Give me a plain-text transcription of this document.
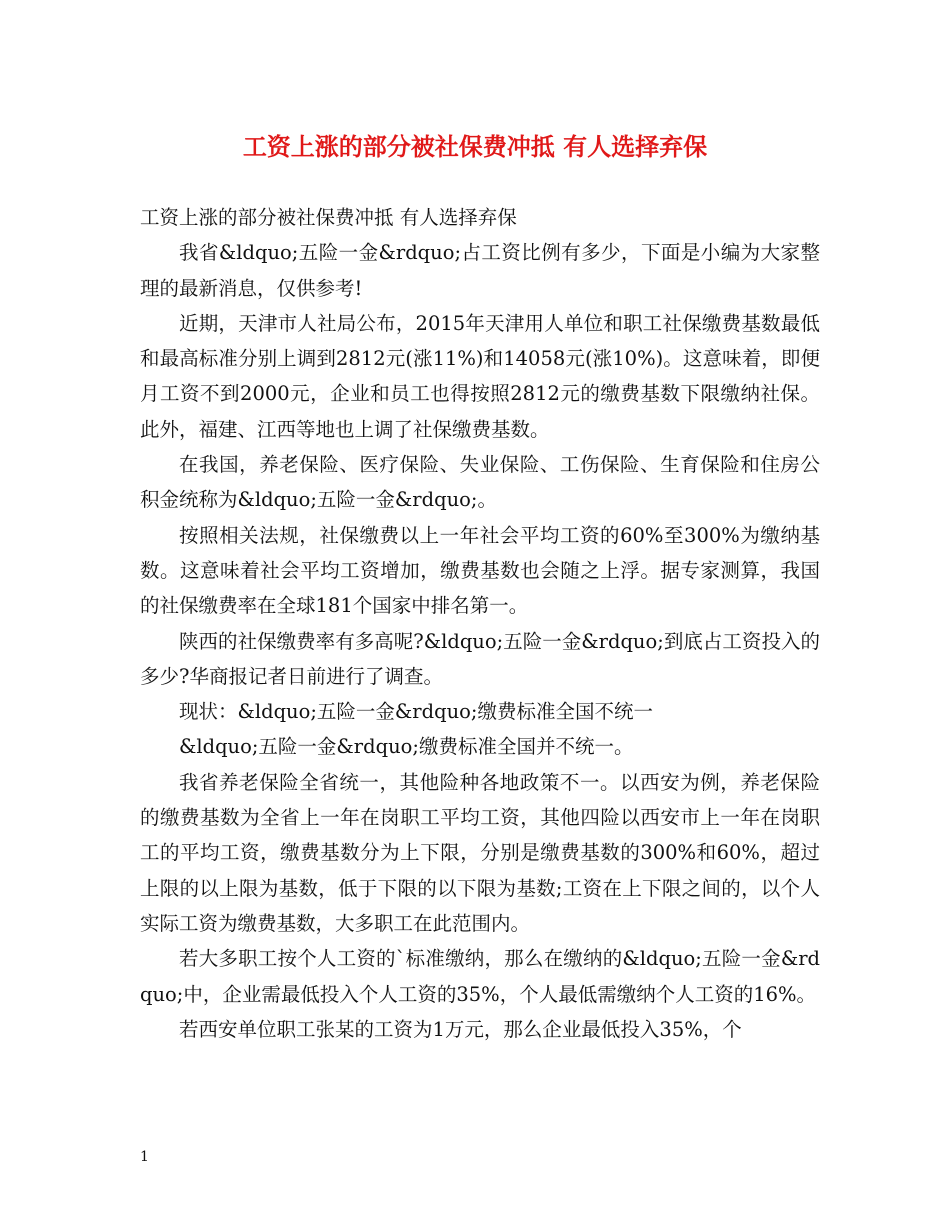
工资上涨的部分被社保费冲抵 有人选择弃保

工资上涨的部分被社保费冲抵 有人选择弃保

我省&ldquo;五险一金&rdquo;占工资比例有多少，下面是小编为大家整理的最新消息，仅供参考!

近期，天津市人社局公布，2015年天津用人单位和职工社保缴费基数最低和最高标准分别上调到2812元(涨11%)和14058元(涨10%)。这意味着，即便月工资不到2000元，企业和员工也得按照2812元的缴费基数下限缴纳社保。此外，福建、江西等地也上调了社保缴费基数。

在我国，养老保险、医疗保险、失业保险、工伤保险、生育保险和住房公积金统称为&ldquo;五险一金&rdquo;。

按照相关法规，社保缴费以上一年社会平均工资的60%至300%为缴纳基数。这意味着社会平均工资增加，缴费基数也会随之上浮。据专家测算，我国的社保缴费率在全球181个国家中排名第一。

陕西的社保缴费率有多高呢?&ldquo;五险一金&rdquo;到底占工资投入的多少?华商报记者日前进行了调查。

现状：&ldquo;五险一金&rdquo;缴费标准全国不统一

&ldquo;五险一金&rdquo;缴费标准全国并不统一。

我省养老保险全省统一，其他险种各地政策不一。以西安为例，养老保险的缴费基数为全省上一年在岗职工平均工资，其他四险以西安市上一年在岗职工的平均工资，缴费基数分为上下限，分别是缴费基数的300%和60%，超过上限的以上限为基数，低于下限的以下限为基数;工资在上下限之间的，以个人实际工资为缴费基数，大多职工在此范围内。

若大多职工按个人工资的`标准缴纳，那么在缴纳的&ldquo;五险一金&rdquo;中，企业需最低投入个人工资的35%，个人最低需缴纳个人工资的16%。

若西安单位职工张某的工资为1万元，那么企业最低投入35%，个

1
